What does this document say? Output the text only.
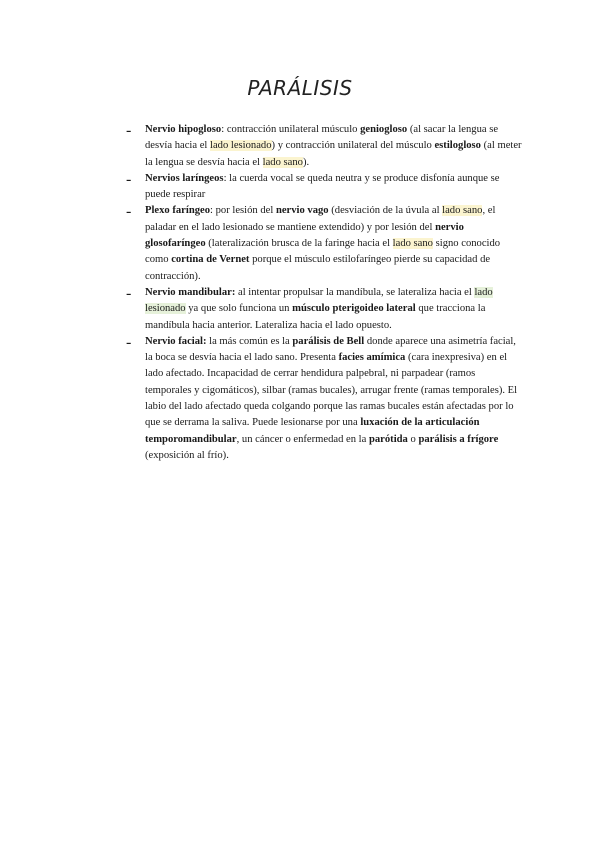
PARÁLISIS
- Nervio hipogloso: contracción unilateral músculo geniogloso (al sacar la lengua se desvía hacia el lado lesionado) y contracción unilateral del músculo estilogloso (al meter la lengua se desvía hacia el lado sano).

- Nervios laríngeos: la cuerda vocal se queda neutra y se produce disfonía aunque se puede respirar

- Plexo faríngeo: por lesión del nervio vago (desviación de la úvula al lado sano, el paladar en el lado lesionado se mantiene extendido) y por lesión del nervio glosofaríngeo (lateralización brusca de la faringe hacia el lado sano signo conocido como cortina de Vernet porque el músculo estilofaríngeo pierde su capacidad de contracción).

- Nervio mandibular: al intentar propulsar la mandíbula, se lateraliza hacia el lado lesionado ya que solo funciona un músculo pterigoideo lateral que tracciona la mandíbula hacia anterior. Lateraliza hacia el lado opuesto.

- Nervio facial: la más común es la parálisis de Bell donde aparece una asimetría facial, la boca se desvía hacia el lado sano. Presenta facies amímica (cara inexpresiva) en el lado afectado. Incapacidad de cerrar hendidura palpebral, ni parpadear (ramos temporales y cigomáticos), silbar (ramas bucales), arrugar frente (ramas temporales). El labio del lado afectado queda colgando porque las ramas bucales están afectadas por lo que se derrama la saliva. Puede lesionarse por una luxación de la articulación temporomandibular, un cáncer o enfermedad en la parótida o parálisis a frígore (exposición al frío).
